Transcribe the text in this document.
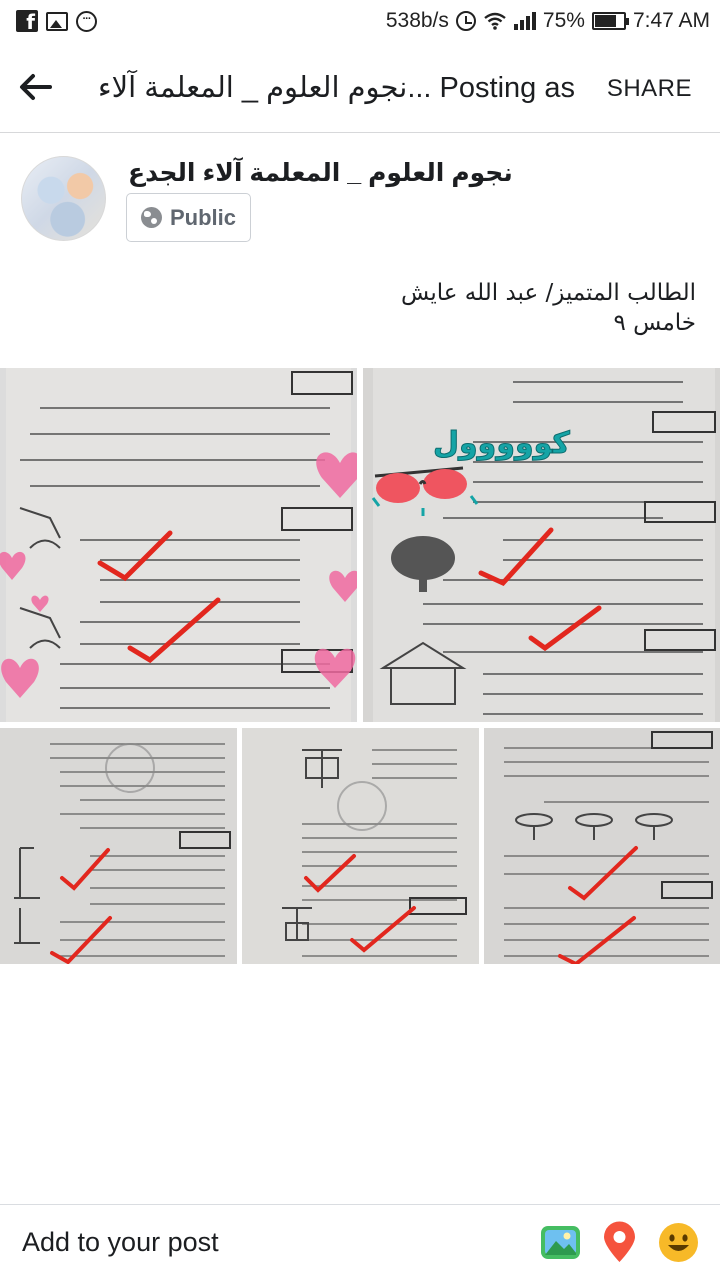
f	···	538b/s	75% 7:47 AM
نجوم العلوم _ المعلمة آلاء... Posting as SHARE
نجوم العلوم _ المعلمة آلاء الجدع
Public
الطالب المتميز/ عبد الله عايش
خامس ٩
كووووول
Add to your post
